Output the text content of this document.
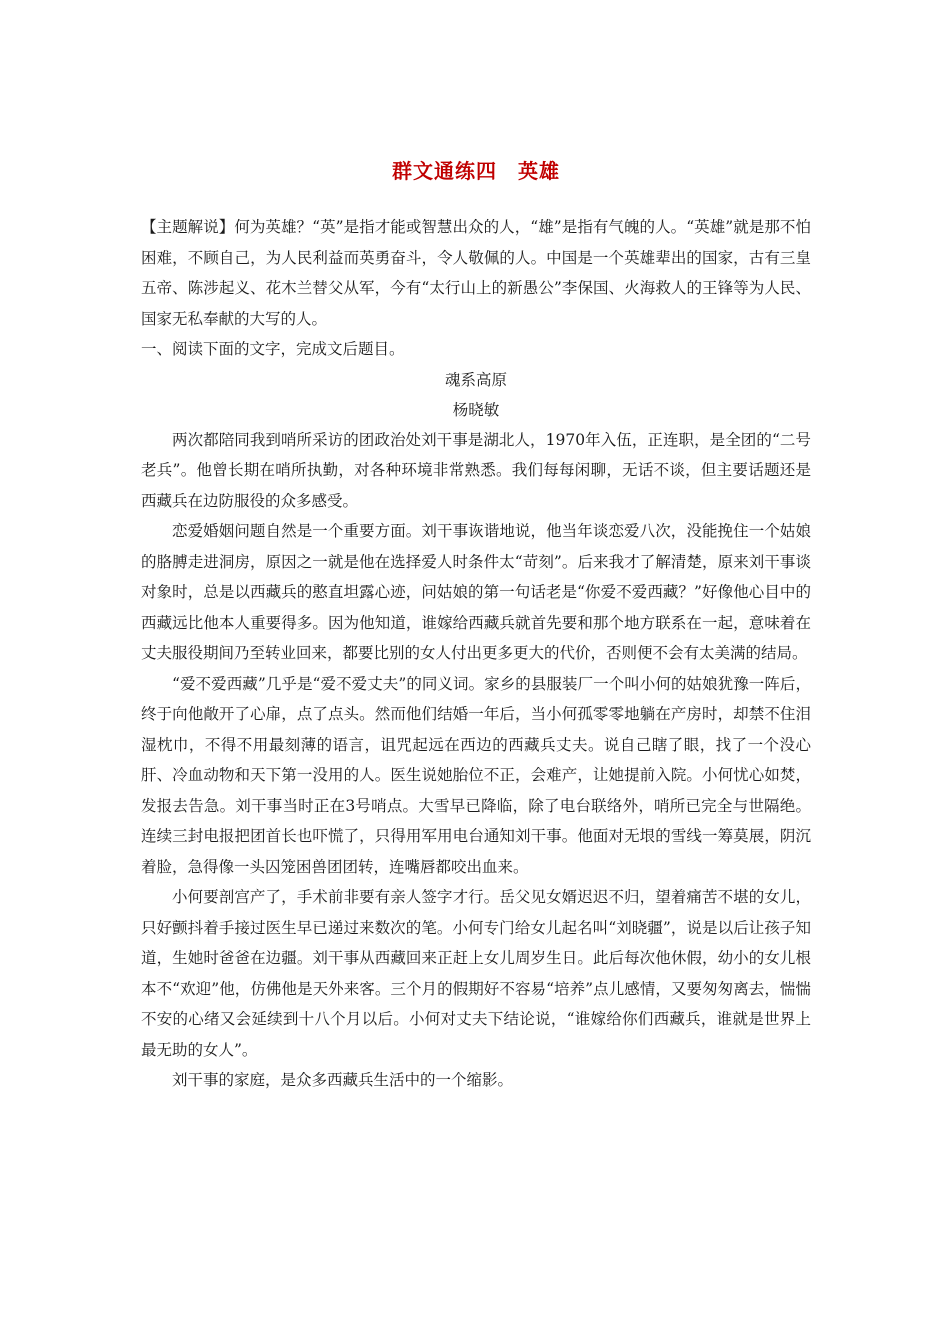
群文通练四　英雄

【主题解说】何为英雄？“英”是指才能或智慧出众的人，“雄”是指有气魄的人。“英雄”就是那不怕困难，不顾自己，为人民利益而英勇奋斗，令人敬佩的人。中国是一个英雄辈出的国家，古有三皇五帝、陈涉起义、花木兰替父从军，今有“太行山上的新愚公”李保国、火海救人的王锋等为人民、国家无私奉献的大写的人。

一、阅读下面的文字，完成文后题目。

魂系高原

杨晓敏

两次都陪同我到哨所采访的团政治处刘干事是湖北人，1970年入伍，正连职，是全团的“二号老兵”。他曾长期在哨所执勤，对各种环境非常熟悉。我们每每闲聊，无话不谈，但主要话题还是西藏兵在边防服役的众多感受。

恋爱婚姻问题自然是一个重要方面。刘干事诙谐地说，他当年谈恋爱八次，没能挽住一个姑娘的胳膊走进洞房，原因之一就是他在选择爱人时条件太“苛刻”。后来我才了解清楚，原来刘干事谈对象时，总是以西藏兵的憨直坦露心迹，问姑娘的第一句话老是“你爱不爱西藏？”好像他心目中的西藏远比他本人重要得多。因为他知道，谁嫁给西藏兵就首先要和那个地方联系在一起，意味着在丈夫服役期间乃至转业回来，都要比别的女人付出更多更大的代价，否则便不会有太美满的结局。

“爱不爱西藏”几乎是“爱不爱丈夫”的同义词。家乡的县服装厂一个叫小何的姑娘犹豫一阵后，终于向他敞开了心扉，点了点头。然而他们结婚一年后，当小何孤零零地躺在产房时，却禁不住泪湿枕巾，不得不用最刻薄的语言，诅咒起远在西边的西藏兵丈夫。说自己瞎了眼，找了一个没心肝、冷血动物和天下第一没用的人。医生说她胎位不正，会难产，让她提前入院。小何忧心如焚，发报去告急。刘干事当时正在3号哨点。大雪早已降临，除了电台联络外，哨所已完全与世隔绝。连续三封电报把团首长也吓慌了，只得用军用电台通知刘干事。他面对无垠的雪线一筹莫展，阴沉着脸，急得像一头囚笼困兽团团转，连嘴唇都咬出血来。

小何要剖宫产了，手术前非要有亲人签字才行。岳父见女婿迟迟不归，望着痛苦不堪的女儿，只好颤抖着手接过医生早已递过来数次的笔。小何专门给女儿起名叫“刘晓疆”，说是以后让孩子知道，生她时爸爸在边疆。刘干事从西藏回来正赶上女儿周岁生日。此后每次他休假，幼小的女儿根本不“欢迎”他，仿佛他是天外来客。三个月的假期好不容易“培养”点儿感情，又要匆匆离去，惴惴不安的心绪又会延续到十八个月以后。小何对丈夫下结论说，“谁嫁给你们西藏兵，谁就是世界上最无助的女人”。

刘干事的家庭，是众多西藏兵生活中的一个缩影。
